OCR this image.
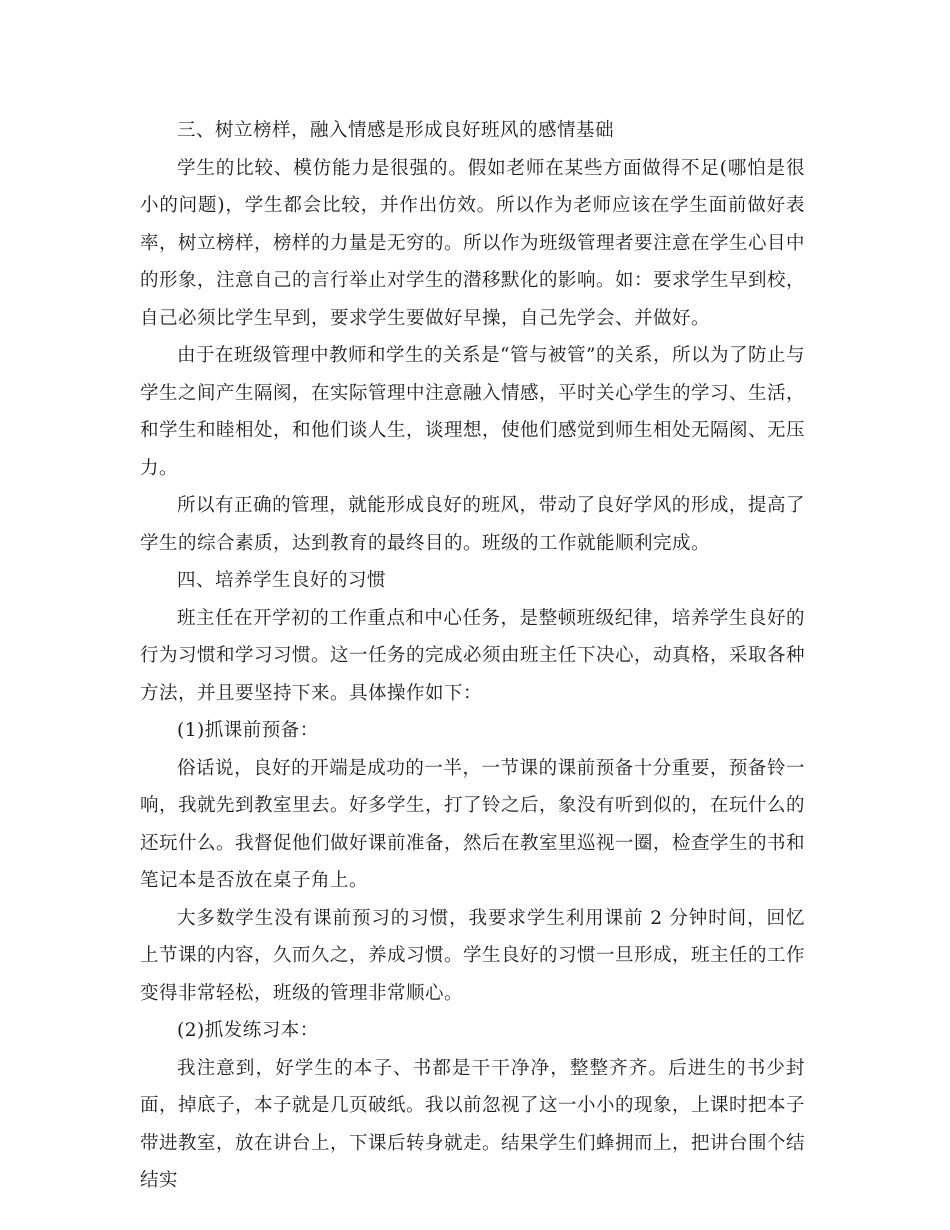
三、树立榜样，融入情感是形成良好班风的感情基础

学生的比较、模仿能力是很强的。假如老师在某些方面做得不足(哪怕是很小的问题)，学生都会比较，并作出仿效。所以作为老师应该在学生面前做好表率，树立榜样，榜样的力量是无穷的。所以作为班级管理者要注意在学生心目中的形象，注意自己的言行举止对学生的潜移默化的影响。如：要求学生早到校，自己必须比学生早到，要求学生要做好早操，自己先学会、并做好。

由于在班级管理中教师和学生的关系是“管与被管”的关系，所以为了防止与学生之间产生隔阂，在实际管理中注意融入情感，平时关心学生的学习、生活，和学生和睦相处，和他们谈人生，谈理想，使他们感觉到师生相处无隔阂、无压力。

所以有正确的管理，就能形成良好的班风，带动了良好学风的形成，提高了学生的综合素质，达到教育的最终目的。班级的工作就能顺利完成。

四、培养学生良好的习惯

班主任在开学初的工作重点和中心任务，是整顿班级纪律，培养学生良好的行为习惯和学习习惯。这一任务的完成必须由班主任下决心，动真格，采取各种方法，并且要坚持下来。具体操作如下：

(1)抓课前预备：

俗话说，良好的开端是成功的一半，一节课的课前预备十分重要，预备铃一响，我就先到教室里去。好多学生，打了铃之后，象没有听到似的，在玩什么的还玩什么。我督促他们做好课前准备，然后在教室里巡视一圈，检查学生的书和笔记本是否放在桌子角上。

大多数学生没有课前预习的习惯，我要求学生利用课前 2 分钟时间，回忆上节课的内容，久而久之，养成习惯。学生良好的习惯一旦形成，班主任的工作变得非常轻松，班级的管理非常顺心。

(2)抓发练习本：

我注意到，好学生的本子、书都是干干净净，整整齐齐。后进生的书少封面，掉底子，本子就是几页破纸。我以前忽视了这一小小的现象，上课时把本子带进教室，放在讲台上，下课后转身就走。结果学生们蜂拥而上，把讲台围个结结实
